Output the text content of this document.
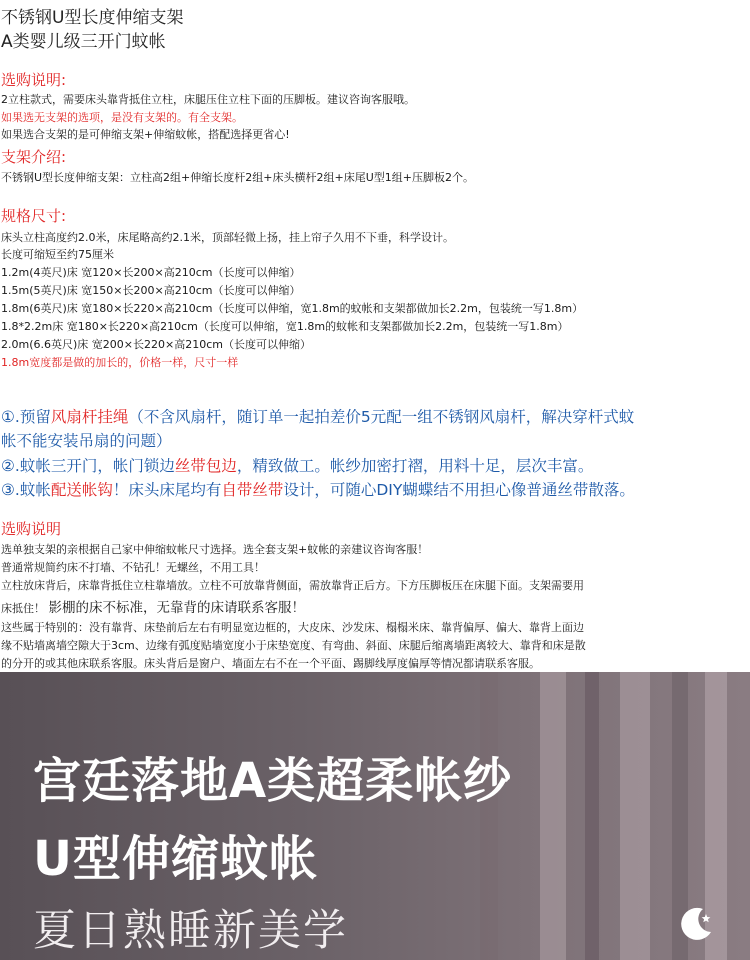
不锈钢U型长度伸缩支架
A类婴儿级三开门蚊帐
选购说明:
2立柱款式，需要床头靠背抵住立柱，床腿压住立柱下面的压脚板。建议咨询客服哦。
如果选无支架的选项，是没有支架的。有全支架。
如果选合支架的是可伸缩支架+伸缩蚊帐，搭配选择更省心!
支架介绍:
不锈钢U型长度伸缩支架：立柱高2组+伸缩长度杆2组+床头横杆2组+床尾U型1组+压脚板2个。
规格尺寸:
床头立柱高度约2.0米，床尾略高约2.1米，顶部轻微上扬，挂上帘子久用不下垂，科学设计。
长度可缩短至约75厘米
1.2m(4英尺)床 宽120×长200×高210cm（长度可以伸缩）
1.5m(5英尺)床 宽150×长200×高210cm（长度可以伸缩）
1.8m(6英尺)床 宽180×长220×高210cm（长度可以伸缩，宽1.8m的蚊帐和支架都做加长2.2m，包装统一写1.8m）
1.8*2.2m床 宽180×长220×高210cm（长度可以伸缩，宽1.8m的蚊帐和支架都做加长2.2m，包装统一写1.8m）
2.0m(6.6英尺)床 宽200×长220×高210cm（长度可以伸缩）
1.8m宽度都是做的加长的，价格一样，尺寸一样
①.预留风扇杆挂绳（不含风扇杆，随订单一起拍差价5元配一组不锈钢风扇杆，解决穿杆式蚊
帐不能安装吊扇的问题）
②.蚊帐三开门，帐门锁边丝带包边，精致做工。帐纱加密打褶，用料十足，层次丰富。
③.蚊帐配送帐钩！床头床尾均有自带丝带设计，可随心DIY蝴蝶结不用担心像普通丝带散落。
选购说明
选单独支架的亲根据自己家中伸缩蚊帐尺寸选择。选全套支架+蚊帐的亲建议咨询客服！
普通常规简约床不打墙、不钻孔！无螺丝，不用工具！
立柱放床背后，床靠背抵住立柱靠墙放。立柱不可放靠背侧面，需放靠背正后方。下方压脚板压在床腿下面。支架需要用
床抵住！ 影棚的床不标准，无靠背的床请联系客服！
这些属于特别的：没有靠背、床垫前后左右有明显宽边框的，大皮床、沙发床、榻榻米床、靠背偏厚、偏大、靠背上面边
缘不贴墙离墙空隙大于3cm、边缘有弧度贴墙宽度小于床垫宽度、有弯曲、斜面、床腿后缩离墙距离较大、靠背和床是散
的分开的或其他床联系客服。床头背后是窗户、墙面左右不在一个平面、踢脚线厚度偏厚等情况都请联系客服。
宫廷落地A类超柔帐纱
U型伸缩蚊帐
夏日熟睡新美学
